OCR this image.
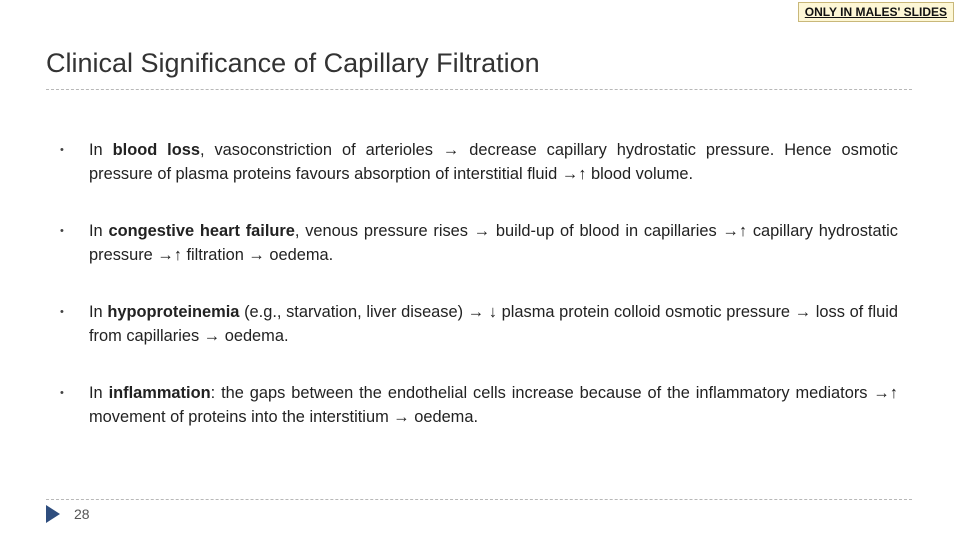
ONLY IN MALES' SLIDES
Clinical Significance of Capillary Filtration
• In blood loss, vasoconstriction of arterioles → decrease capillary hydrostatic pressure. Hence osmotic pressure of plasma proteins favours absorption of interstitial fluid →↑ blood volume.
• In congestive heart failure, venous pressure rises → build-up of blood in capillaries →↑ capillary hydrostatic pressure →↑ filtration → oedema.
• In hypoproteinemia (e.g., starvation, liver disease) → ↓ plasma protein colloid osmotic pressure → loss of fluid from capillaries → oedema.
• In inflammation: the gaps between the endothelial cells increase because of the inflammatory mediators →↑ movement of proteins into the interstitium → oedema.
28
